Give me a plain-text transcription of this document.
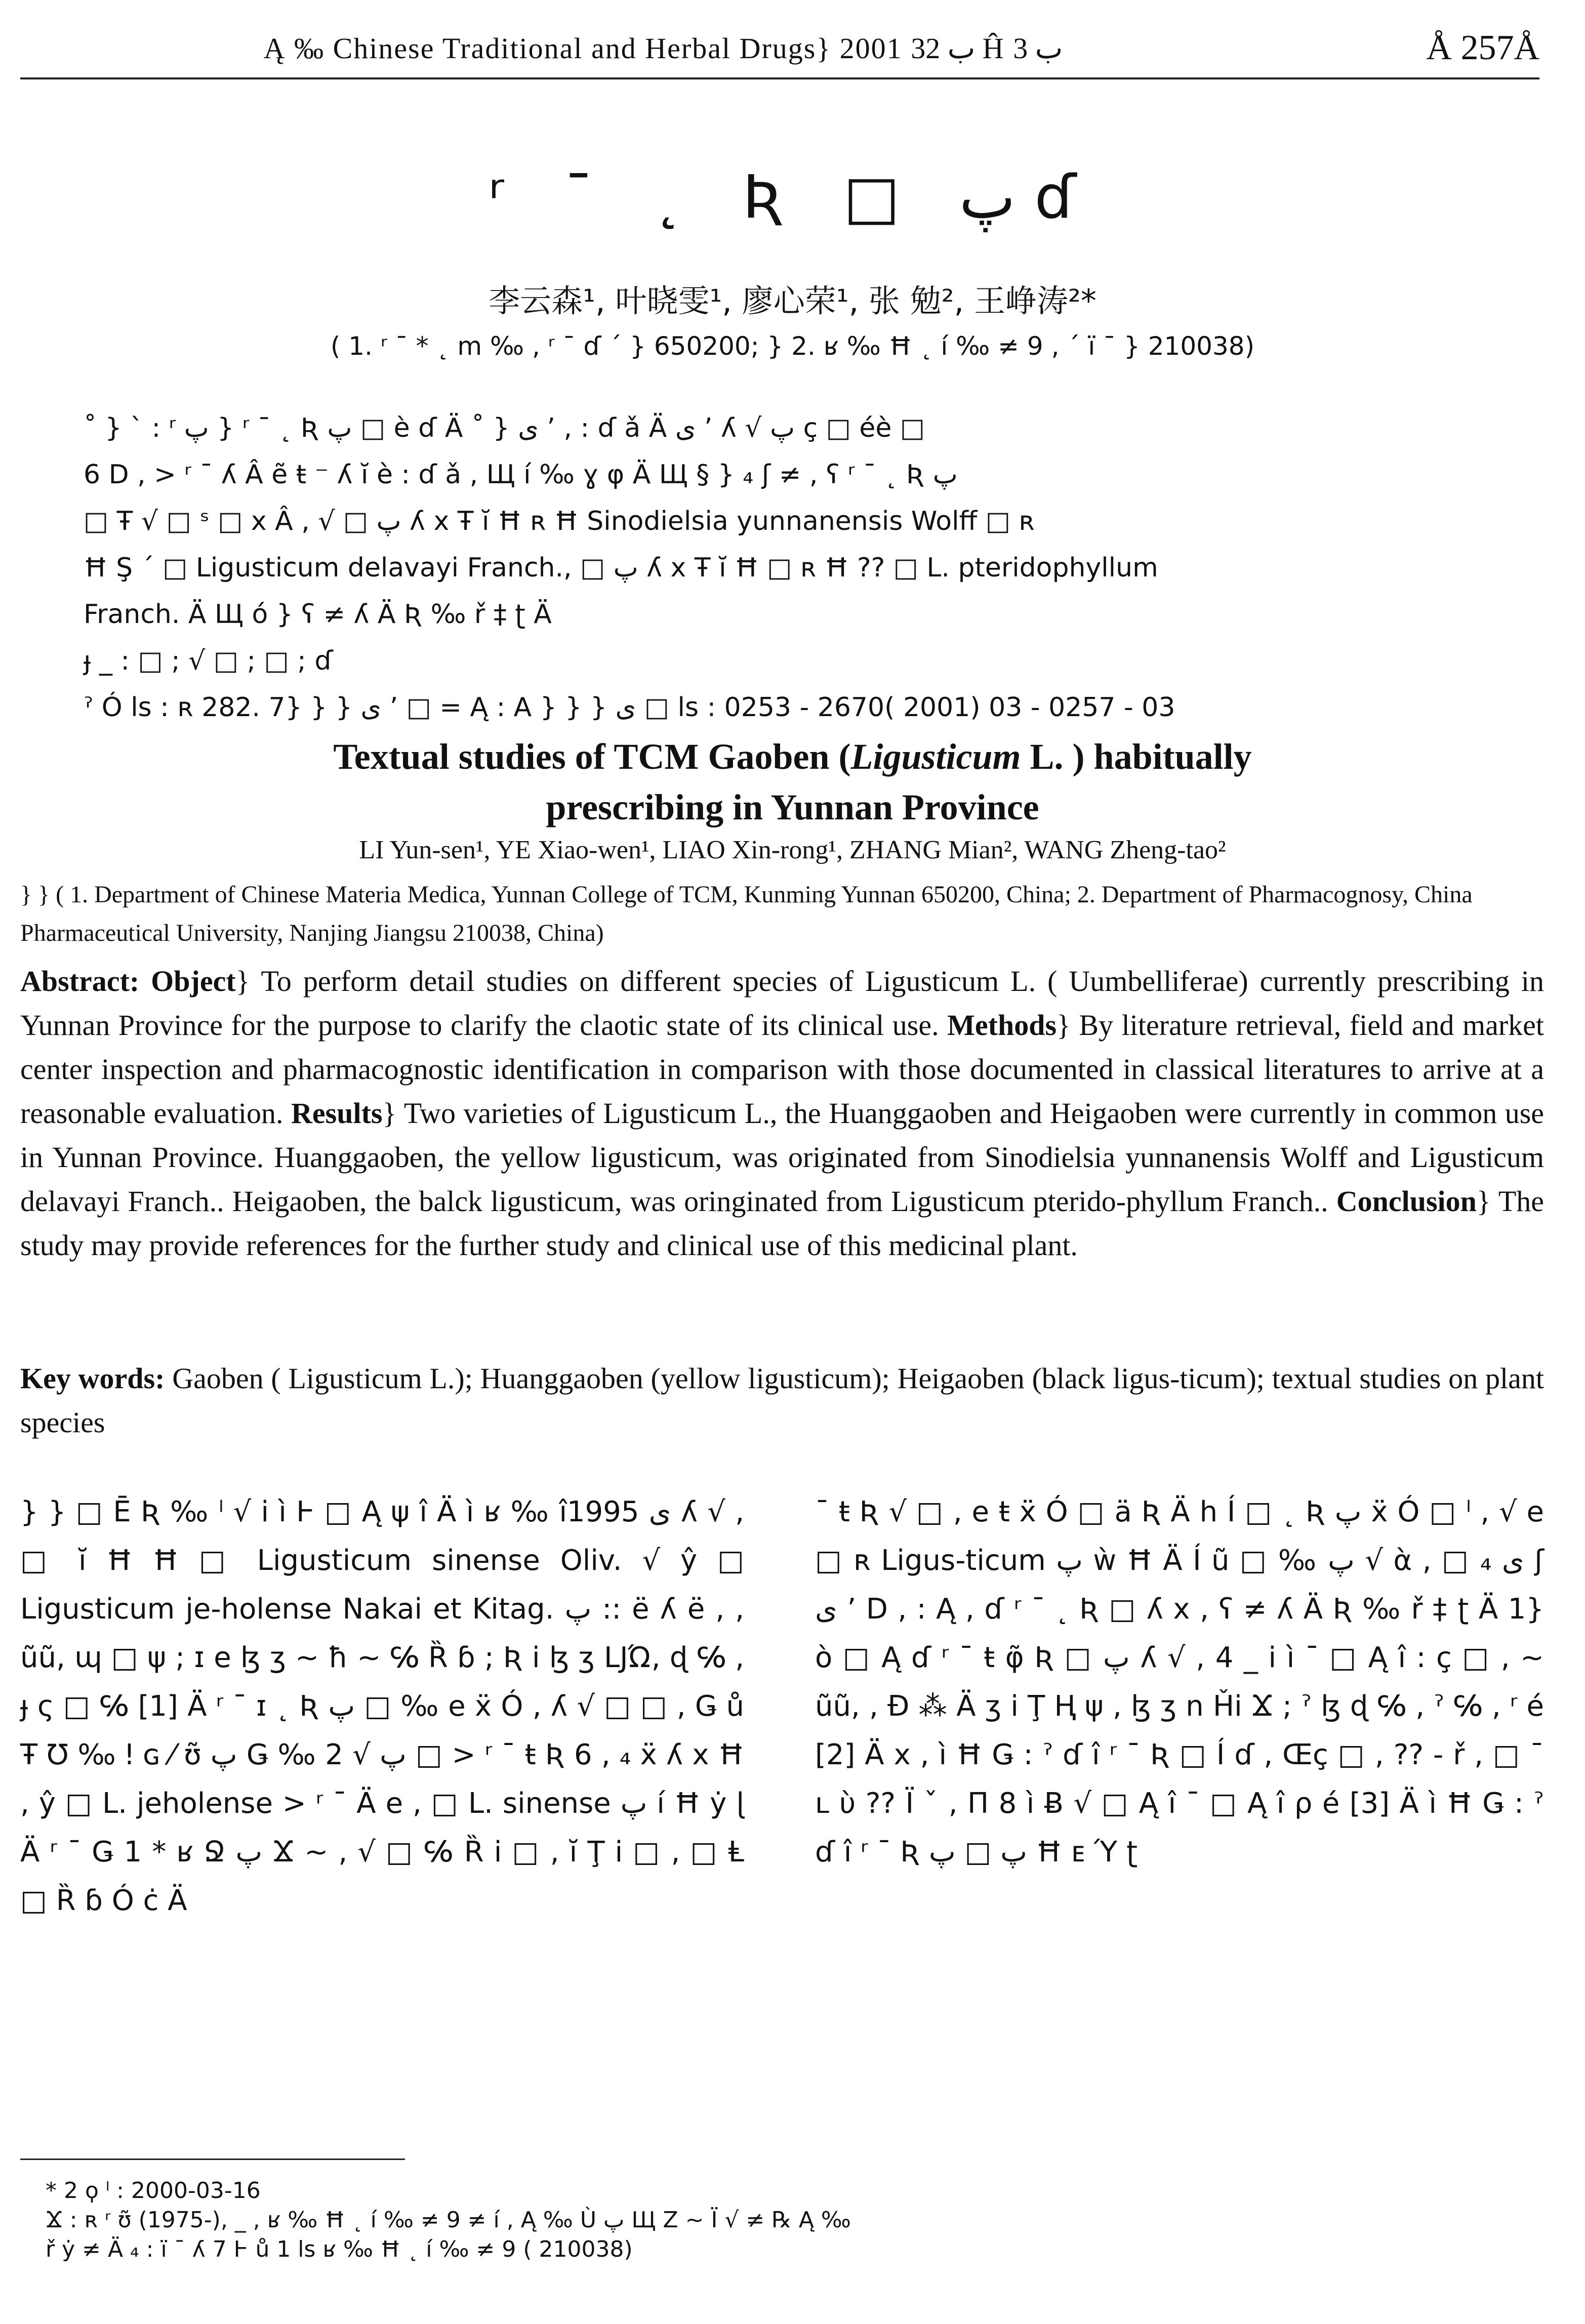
Ą ‰ Chinese Traditional and Herbal Drugs} 2001 ب 32 Ĥ ب 3	Å 257Å
ʳ ¯ ˛ Ʀ □ پ ɗ
李云森¹, 叶晓雯¹, 廖心荣¹, 张 勉², 王峥涛²*
( 1. ʳ ¯ * ˛ m ‰ , ʳ ¯ ɗ ´ } 650200; } 2. ʁ ‰ Ħ ˛ í ‰ ≠ 9 , ´ ï ¯ } 210038)
˚ } ` : ʳ پ } ʳ ¯ ˛ Ʀ پ □ è ɗ Ä ˚ } ی ʼ , : ɗ ǎ Ä ی ʼ ʎ √ پ ç □ éè □
6 D , > ʳ ¯ ʎ Â ẽ ŧ ⁻ ʎ ĭ è : ɗ ǎ , Щ í ‰ ɣ φ Ä Щ § } ₄ ʃ ≠ , ʕ ʳ ¯ ˛ Ʀ پ
□ Ŧ √ □ ˢ □ x Â , √ □ پ ʎ x Ŧ ĭ Ħ ʀ Ħ Sinodielsia yunnanensis Wolff □ ʀ
Ħ Ş ´ □ Ligusticum delavayi Franch., □ پ ʎ x Ŧ ĭ Ħ □ ʀ Ħ ?? □ L. pteridophyllum
Franch. Ä Щ ó } ʕ ≠ ʎ Ä Ʀ ‰ ř ‡ ʈ Ä
ɟ _ : □ ; √ □ ; □ ; ɗ
ˀ Ó ls : ʀ 282. 7} } } ی ʼ □ = Ą : A } } } ی □ ls : 0253 - 2670( 2001) 03 - 0257 - 03
Textual studies of TCM Gaoben (Ligusticum L. ) habitually
prescribing in Yunnan Province
LI Yun-sen¹, YE Xiao-wen¹, LIAO Xin-rong¹, ZHANG Mian², WANG Zheng-tao²
} } ( 1. Department of Chinese Materia Medica, Yunnan College of TCM, Kunming Yunnan 650200, China; 2. Department of Pharmacognosy, China Pharmaceutical University, Nanjing Jiangsu 210038, China)
Abstract: Object} To perform detail studies on different species of Ligusticum L. ( Uumbelliferae) currently prescribing in Yunnan Province for the purpose to clarify the claotic state of its clinical use. Methods} By literature retrieval, field and market center inspection and pharmacognostic identification in comparison with those documented in classical literatures to arrive at a reasonable evaluation. Results} Two varieties of Ligusticum L., the Huanggaoben and Heigaoben were currently in common use in Yunnan Province. Huanggaoben, the yellow ligusticum, was originated from Sinodielsia yunnanensis Wolff and Ligusticum delavayi Franch.. Heigaoben, the balck ligusticum, was oringinated from Ligusticum pterido-phyllum Franch.. Conclusion} The study may provide references for the further study and clinical use of this medicinal plant.
Key words: Gaoben ( Ligusticum L.); Huanggaoben (yellow ligusticum); Heigaoben (black ligus-ticum); textual studies on plant species
} } □ Ē Ʀ ‰ ˡ √ i ì Ⱶ □ Ą ψ î Ä ì ʁ ‰ î1995 ی ʎ √ , □ ĭ Ħ Ħ □ Ligusticum sinense Oliv. √ ŷ □ Ligusticum je-holense Nakai et Kitag. پ :: ë ʎ ë , , ũũ, ɰ □ ψ ; ɪ e ɮ ʒ ~ ħ ~ ℅ Ȑ ɓ ; Ʀ i ɮ ʒ LJΏ, ɖ ℅ , ɟ ς □ ℅ [1] Ä ʳ ¯ ɪ ˛ Ʀ پ □ ‰ e ẍ Ó , ʎ √ □ □ , Ǥ ů Ŧ Ʊ ‰ ǃ ɢ ⁄ ʊ̃ پ Ǥ ‰ 2 √ پ □ > ʳ ¯ ŧ Ʀ 6 , ₄ ẍ ʎ x Ħ , ŷ □ L. jeholense > ʳ ¯ Ä e , □ L. sinense پ í Ħ ẏ ɭ Ä ʳ ¯ Ǥ 1 * ʁ Ջ پ Ϫ ~ , √ □ ℅ Ȑ i □ , ĭ Ţ i □ , □ Ⱡ □ Ȑ ɓ Ó ċ Ä
¯ ŧ Ʀ √ □ , e ŧ ẍ Ó □ ä Ʀ Ä h Í □ ˛ Ʀ پ ẍ Ó □ ˡ , √ e □ ʀ Ligus-ticum پ ẁ Ħ Ä Í ũ □ ‰ پ √ ὰ , □ ی ₄ ʃ ی ʼ D , : Ą , ɗ ʳ ¯ ˛ Ʀ □ ʎ x , ʕ ≠ ʎ Ä Ʀ ‰ ř ‡ ʈ Ä 1} ò □ Ą ɗ ʳ ¯ ŧ φ̃ Ʀ □ پ ʎ √ , 4 _ i ì ¯ □ Ą î : ç □ , ~ ũũ, , Ð ⁂ Ä ʒ i Ţ Ⱨ ψ , ɮ ʒ n Ȟi Ϫ ; ˀ ɮ ɖ ℅ , ˀ ℅ , ʳ é [2] Ä x , ì Ħ Ǥ : ˀ ɗ î ʳ ¯ Ʀ □ Í ɗ , Œç □ , ?? ‐ ř , □ ¯ ʟ ὺ ?? Ï ˇ , Π 8 ì Ƀ √ □ Ą î ¯ □ Ą î ⍴ é [3] Ä ì Ħ Ǥ : ˀ ɗ î ʳ ¯ Ʀ پ □ پ Ħ ᴇ Ύ ʈ
* 2 ϙ ˡ : 2000-03-16
Ϫ : ʀ ʳ ʊ̃ (1975-), _ , ʁ ‰ Ħ ˛ í ‰ ≠ 9 ≠ í , Ą ‰ Ù پ Щ Ζ ~ Ï √ ≠ ℞ Ą ‰
ř ẏ ≠ Ä ₄ : ï ¯ ʎ 7 Ⱶ ů 1 ls ʁ ‰ Ħ ˛ í ‰ ≠ 9 ( 210038)
